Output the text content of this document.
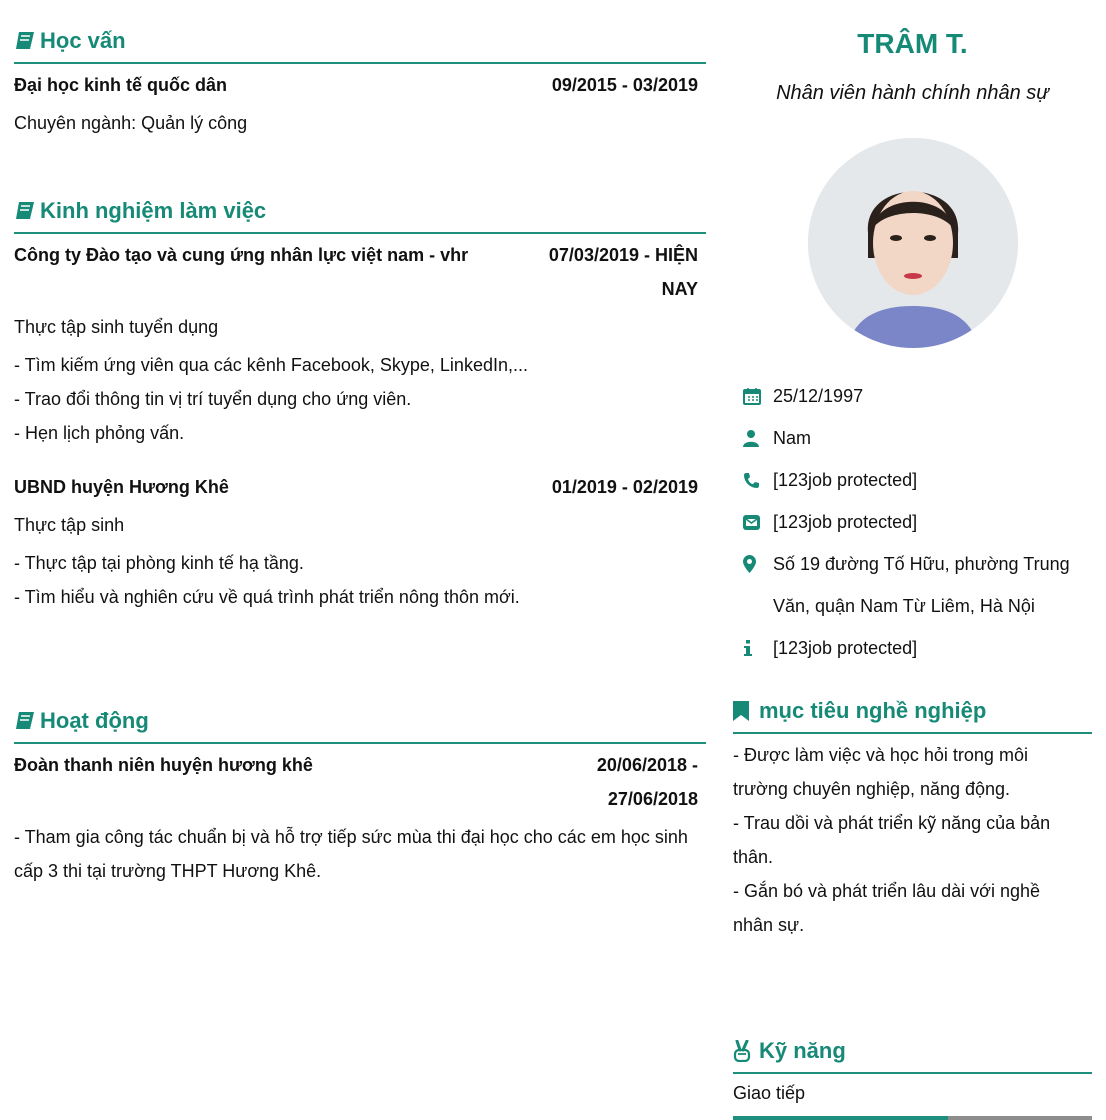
Học vấn
Đại học kinh tế quốc dân	09/2015 - 03/2019
Chuyên ngành: Quản lý công
Kinh nghiệm làm việc
Công ty Đào tạo và cung ứng nhân lực việt nam - vhr	07/03/2019 - HIỆN NAY
Thực tập sinh tuyển dụng
- Tìm kiếm ứng viên qua các kênh Facebook, Skype, LinkedIn,...
- Trao đổi thông tin vị trí tuyển dụng cho ứng viên.
- Hẹn lịch phỏng vấn.
UBND huyện Hương Khê	01/2019 - 02/2019
Thực tập sinh
- Thực tập tại phòng kinh tế hạ tầng.
- Tìm hiểu và nghiên cứu về quá trình phát triển nông thôn mới.
Hoạt động
Đoàn thanh niên huyện hương khê	20/06/2018 - 27/06/2018
- Tham gia công tác chuẩn bị và hỗ trợ tiếp sức mùa thi đại học cho các em học sinh cấp 3 thi tại trường THPT Hương Khê.
TRÂM T.
Nhân viên hành chính nhân sự
25/12/1997
Nam
[123job protected]
[123job protected]
Số 19 đường Tố Hữu, phường Trung Văn, quận Nam Từ Liêm, Hà Nội
[123job protected]
mục tiêu nghề nghiệp
- Được làm việc và học hỏi trong môi trường chuyên nghiệp, năng động.
- Trau dồi và phát triển kỹ năng của bản thân.
- Gắn bó và phát triển lâu dài với nghề nhân sự.
Kỹ năng
Giao tiếp
